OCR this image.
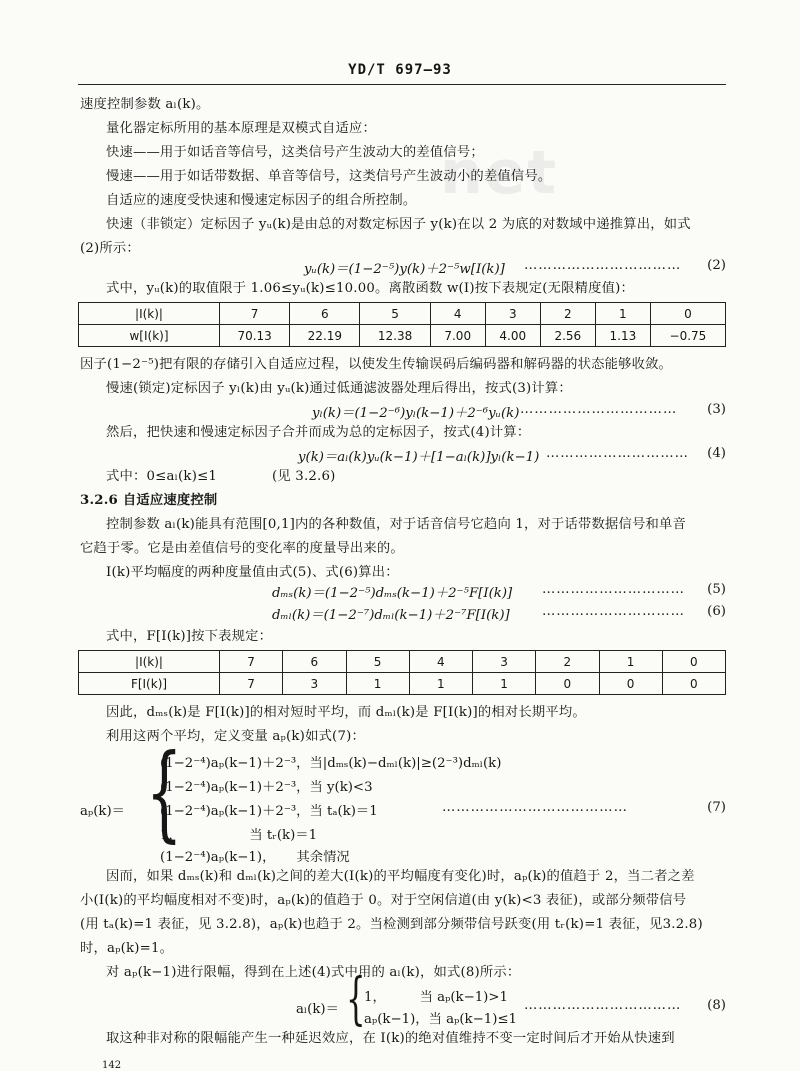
net
YD/T 697—93
速度控制参数 aₗ(k)。
量化器定标所用的基本原理是双模式自适应：
快速——用于如话音等信号，这类信号产生波动大的差值信号；
慢速——用于如话带数据、单音等信号，这类信号产生波动小的差值信号。
自适应的速度受快速和慢速定标因子的组合所控制。
快速（非锁定）定标因子 yᵤ(k)是由总的对数定标因子 y(k)在以 2 为底的对数域中递推算出，如式
(2)所示：
yᵤ(k)＝(1−2⁻⁵)y(k)＋2⁻⁵w[I(k)] …………………………… (2)
式中，yᵤ(k)的取值限于 1.06≤yᵤ(k)≤10.00。离散函数 w(I)按下表规定(无限精度值)：
|I(k)|	7	6	5	4	3	2	1	0
w[I(k)]	70.13	22.19	12.38	7.00	4.00	2.56	1.13	−0.75
因子(1−2⁻⁵)把有限的存储引入自适应过程，以使发生传输误码后编码器和解码器的状态能够收敛。
慢速(锁定)定标因子 yₗ(k)由 yᵤ(k)通过低通滤波器处理后得出，按式(3)计算：
yₗ(k)＝(1−2⁻⁶)yₗ(k−1)＋2⁻⁶yᵤ(k) …………………………… (3)
然后，把快速和慢速定标因子合并而成为总的定标因子，按式(4)计算：
y(k)＝aₗ(k)yᵤ(k−1)＋[1−aₗ(k)]yₗ(k−1) ………………………… (4)
式中：0≤aₗ(k)≤1	(见 3.2.6)
3.2.6 自适应速度控制
控制参数 aₗ(k)能具有范围[0,1]内的各种数值，对于话音信号它趋向 1，对于话带数据信号和单音
它趋于零。它是由差值信号的变化率的度量导出来的。
I(k)平均幅度的两种度量值由式(5)、式(6)算出：
dₘₛ(k)＝(1−2⁻⁵)dₘₛ(k−1)＋2⁻⁵F[I(k)] ………………………… (5)
dₘₗ(k)＝(1−2⁻⁷)dₘₗ(k−1)＋2⁻⁷F[I(k)] ………………………… (6)
式中，F[I(k)]按下表规定：
|I(k)|	7	6	5	4	3	2	1	0
F[I(k)]	7	3	1	1	1	0	0	0
因此，dₘₛ(k)是 F[I(k)]的相对短时平均，而 dₘₗ(k)是 F[I(k)]的相对长期平均。
利用这两个平均，定义变量 aₚ(k)如式(7)：
aₚ(k)＝ {
(1−2⁻⁴)aₚ(k−1)＋2⁻³，当|dₘₛ(k)−dₘₗ(k)|≥(2⁻³)dₘₗ(k)
(1−2⁻⁴)aₚ(k−1)＋2⁻³，当 y(k)<3
(1−2⁻⁴)aₚ(k−1)＋2⁻³，当 tₐ(k)＝1
1，                当 tᵣ(k)＝1
(1−2⁻⁴)aₚ(k−1)，     其余情况
…………………………………	(7)
因而，如果 dₘₛ(k)和 dₘₗ(k)之间的差大(I(k)的平均幅度有变化)时，aₚ(k)的值趋于 2，当二者之差
小(I(k)的平均幅度相对不变)时，aₚ(k)的值趋于 0。对于空闲信道(由 y(k)<3 表征)，或部分频带信号
(用 tₐ(k)=1 表征，见 3.2.8)，aₚ(k)也趋于 2。当检测到部分频带信号跃变(用 tᵣ(k)=1 表征，见3.2.8)
时，aₚ(k)=1。
对 aₚ(k−1)进行限幅，得到在上述(4)式中用的 aₗ(k)，如式(8)所示：
aₗ(k)＝ {
1，        当 aₚ(k−1)>1
aₚ(k−1)，当 aₚ(k−1)≤1
…………………………… (8)
取这种非对称的限幅能产生一种延迟效应，在 I(k)的绝对值维持不变一定时间后才开始从快速到
142
